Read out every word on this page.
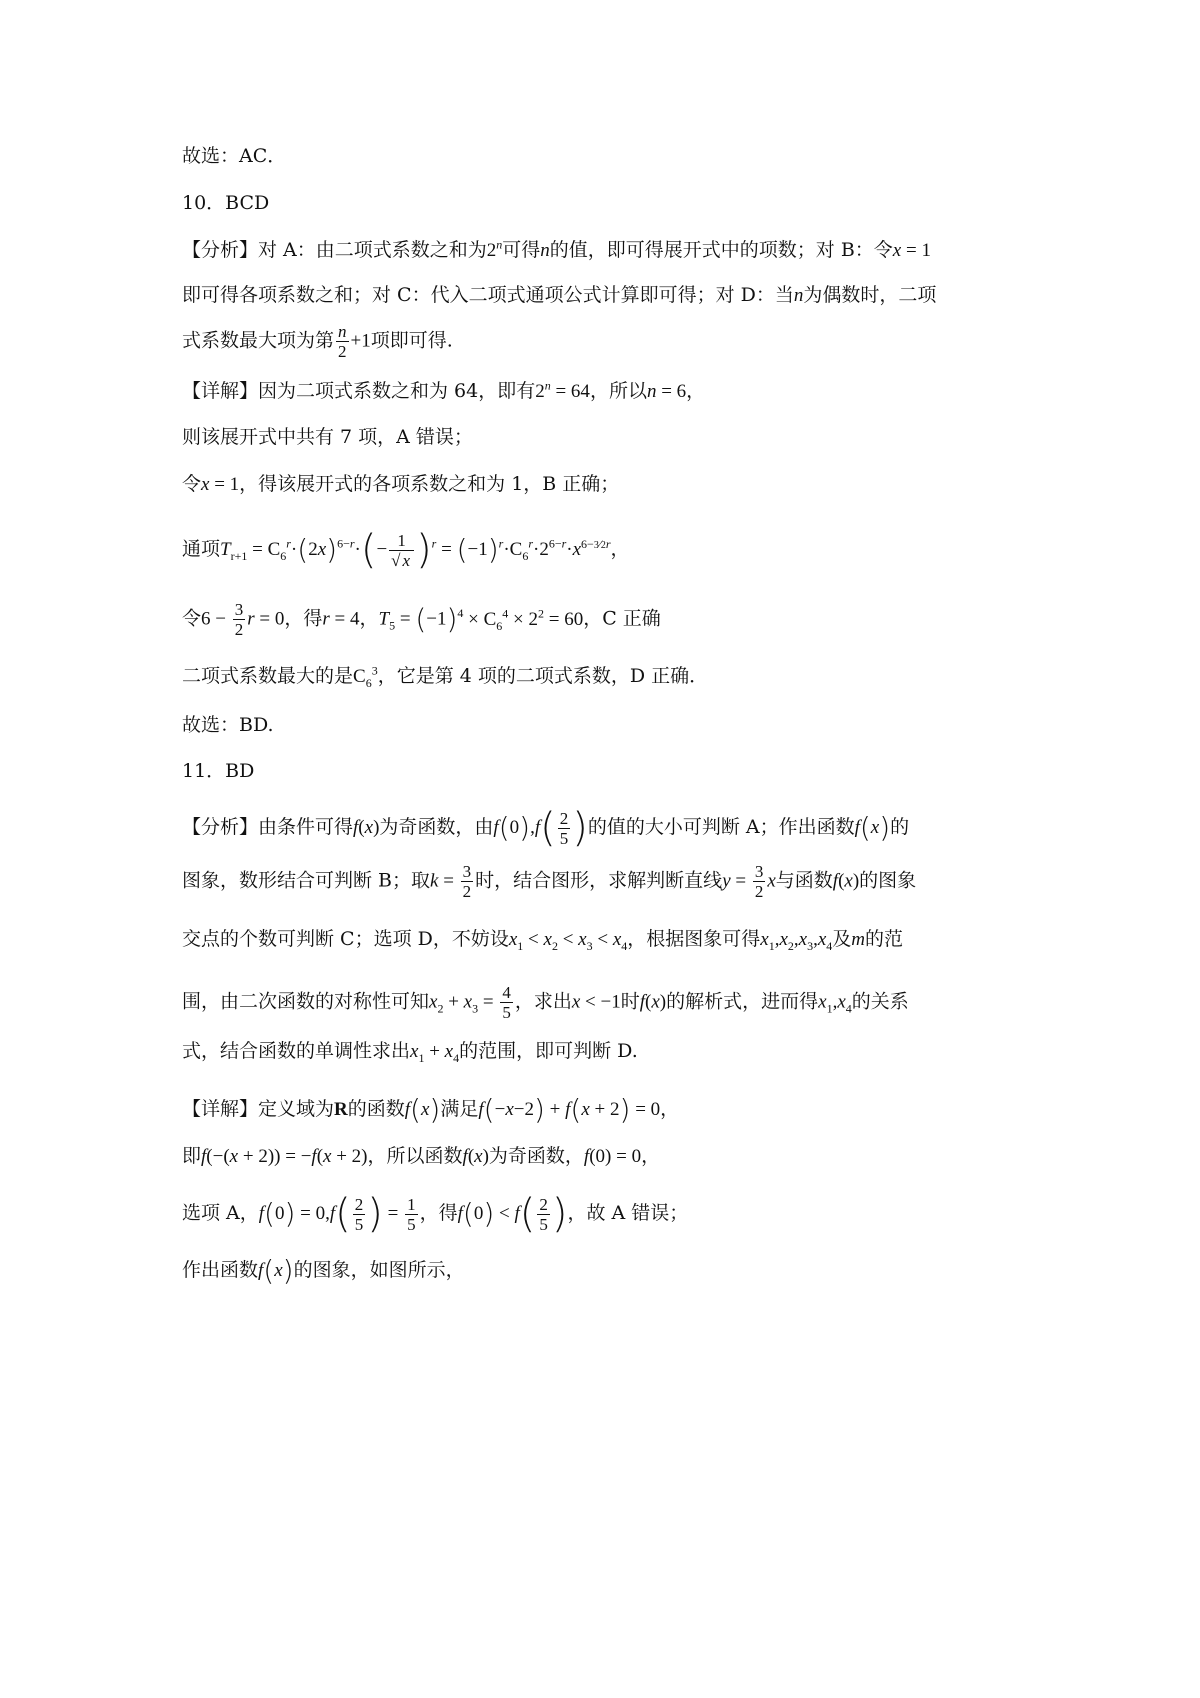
故选：AC．
10．BCD
【分析】对 A：由二项式系数之和为2$^n$可得n的值，即可得展开式中的项数；对 B：令x = 1
即可得各项系数之和；对 C：代入二项式通项公式计算即可得；对 D：当n为偶数时，二项
式系数最大项为第 $\frac{n}{2} +1$项即可得.
【详解】因为二项式系数之和为 64，即有$2^n = 64$，所以n = 6，
则该展开式中共有 7 项，A 错误；
令x = 1，得该展开式的各项系数之和为 1，B 正确；
通项$T_{r+1} = C_6^r\cdot(2x)^{6-r}\cdot(- \frac{1}{√ x} )^r = (-1)^r\cdot C_6^r\cdot 2^{6-r}\cdot x^{6-3⁄2r}$，
令$6 - \frac{3}{2}$ r = 0，得r = 4，$T_5 = (-1)^4 \times C_6^4 \times 2^2 = 60$，C 正确
二项式系数最大的是$C_6^3$，它是第 4 项的二项式系数，D 正确．
故选：BD.
11．BD
【分析】由条件可得f(x)为奇函数，由$f(0),f( \frac{2}{5}$ )的值的大小可判断 A；作出函数f(x)的
图象，数形结合可判断 B；取$k = \frac{3}{2}$ 时，结合图形，求解判断直线$y = \frac{3}{2}$ x与函数f(x)的图象
交点的个数可判断 C；选项 D，不妨设$x_1 < x_2 < x_3 < x_4$，根据图象可得$x_1,x_2,x_3,x_4$及m的范
围，由二次函数的对称性可知$x_2 + x_3 = \frac{4}{5}$ ，求出x < −1时f(x)的解析式，进而得$x_1,x_4$的关系
式，结合函数的单调性求出$x_1 + x_4$的范围，即可判断 D.
【详解】定义域为R的函数f(x)满足f(−x−2) + f(x + 2) = 0，
即f(−(x + 2)) = −f(x + 2)，所以函数f(x)为奇函数，f(0) = 0，
选项 A，$f(0) = 0,f( \frac{2}{5}$ ) = $\frac{1}{5}$ ，得$f(0) < f( \frac{2}{5}$ )，故 A 错误；
作出函数f(x)的图象，如图所示，
